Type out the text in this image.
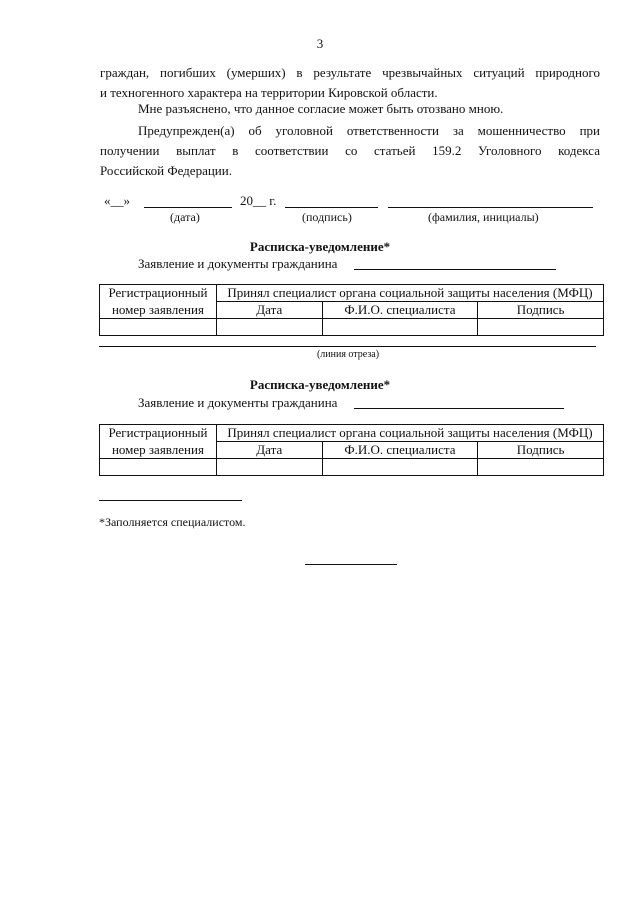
3
граждан, погибших (умерших) в результате чрезвычайных ситуаций природного
и техногенного характера на территории Кировской области.
Мне разъяснено, что данное согласие может быть отозвано мною.
Предупрежден(а) об уголовной ответственности за мошенничество при
получении выплат в соответствии со статьей 159.2 Уголовного кодекса
Российской Федерации.
«__»	20__ г.
(дата)	(подпись)	(фамилия, инициалы)
Расписка-уведомление*
Заявление и документы гражданина
Регистрационный	Принял специалист органа социальной защиты населения (МФЦ)		
номер заявления	Дата	Ф.И.О. специалиста	Подпись

(линия отреза)
Расписка-уведомление*
Заявление и документы гражданина
Регистрационный	Принял специалист органа социальной защиты населения (МФЦ)		
номер заявления	Дата	Ф.И.О. специалиста	Подпись

*Заполняется специалистом.
